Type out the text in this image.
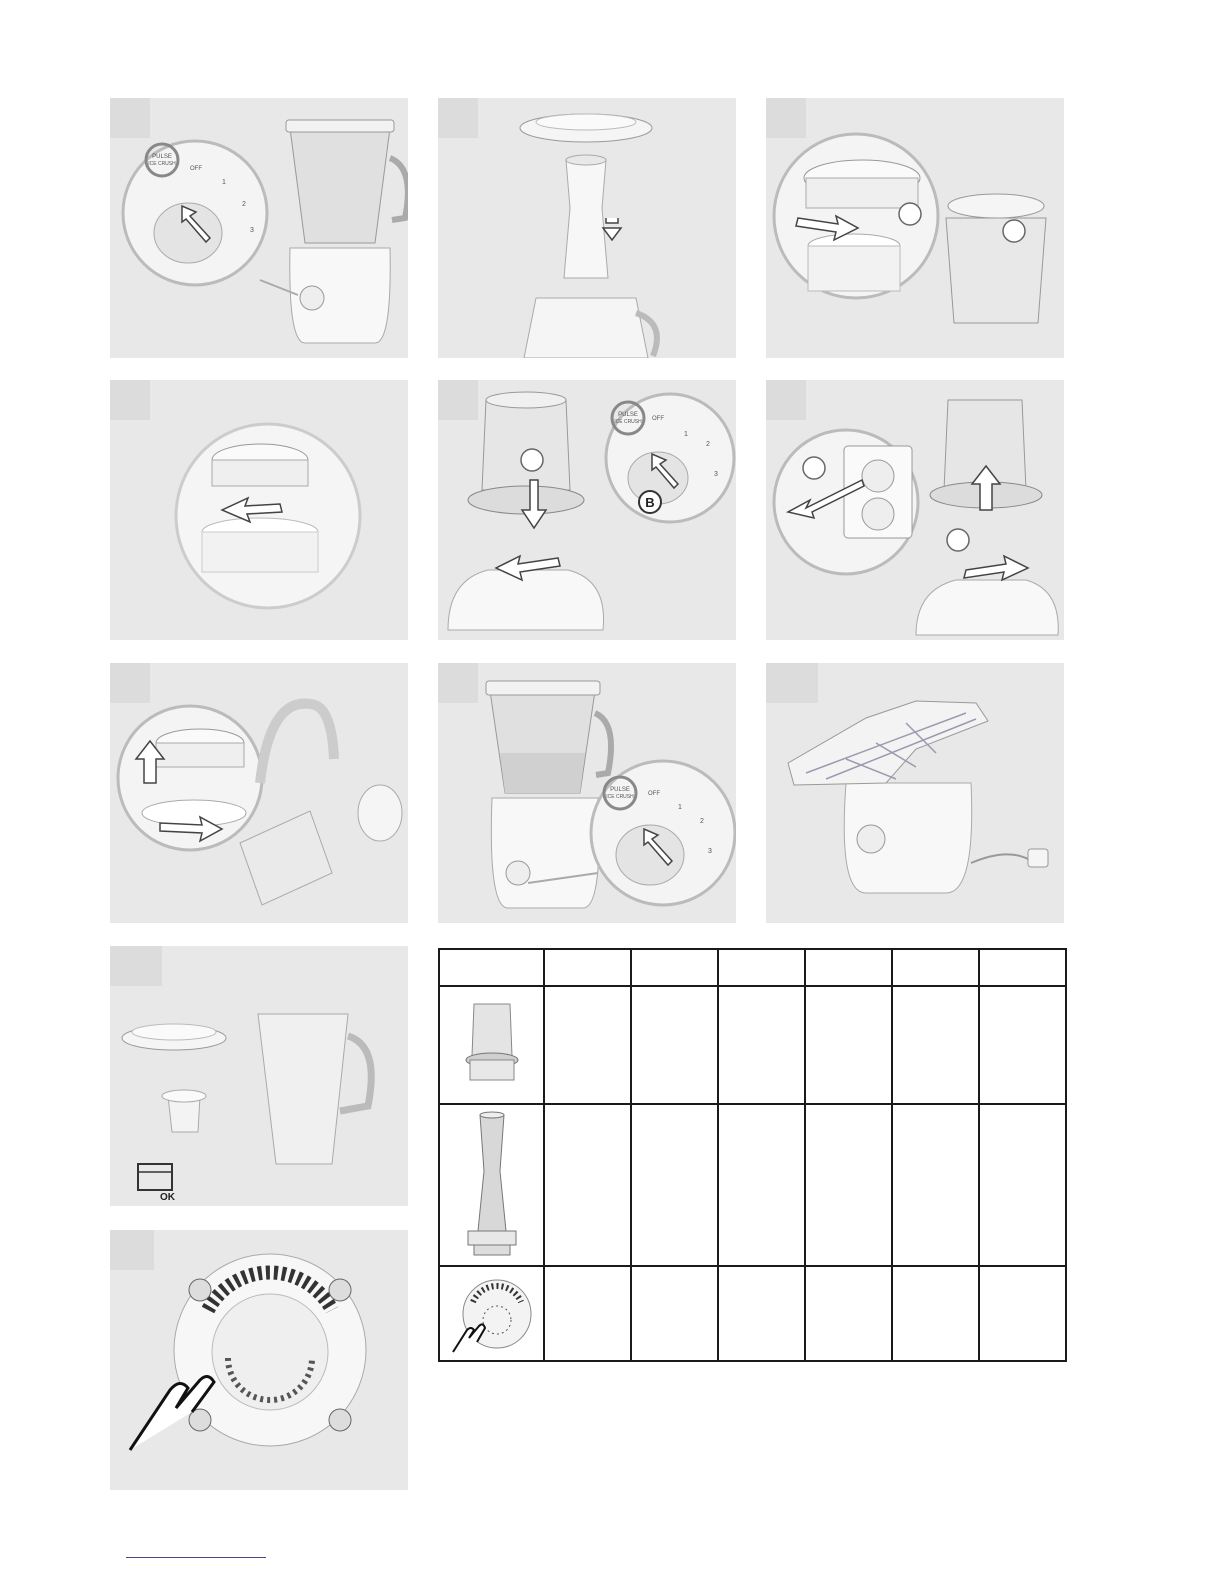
PULSE
ICE CRUSH
OFF
1
2
3
PULSE
ICE CRUSH OFF
1
2
3
B
PULSE
ICE CRUSH OFF
1
2
3
OK
